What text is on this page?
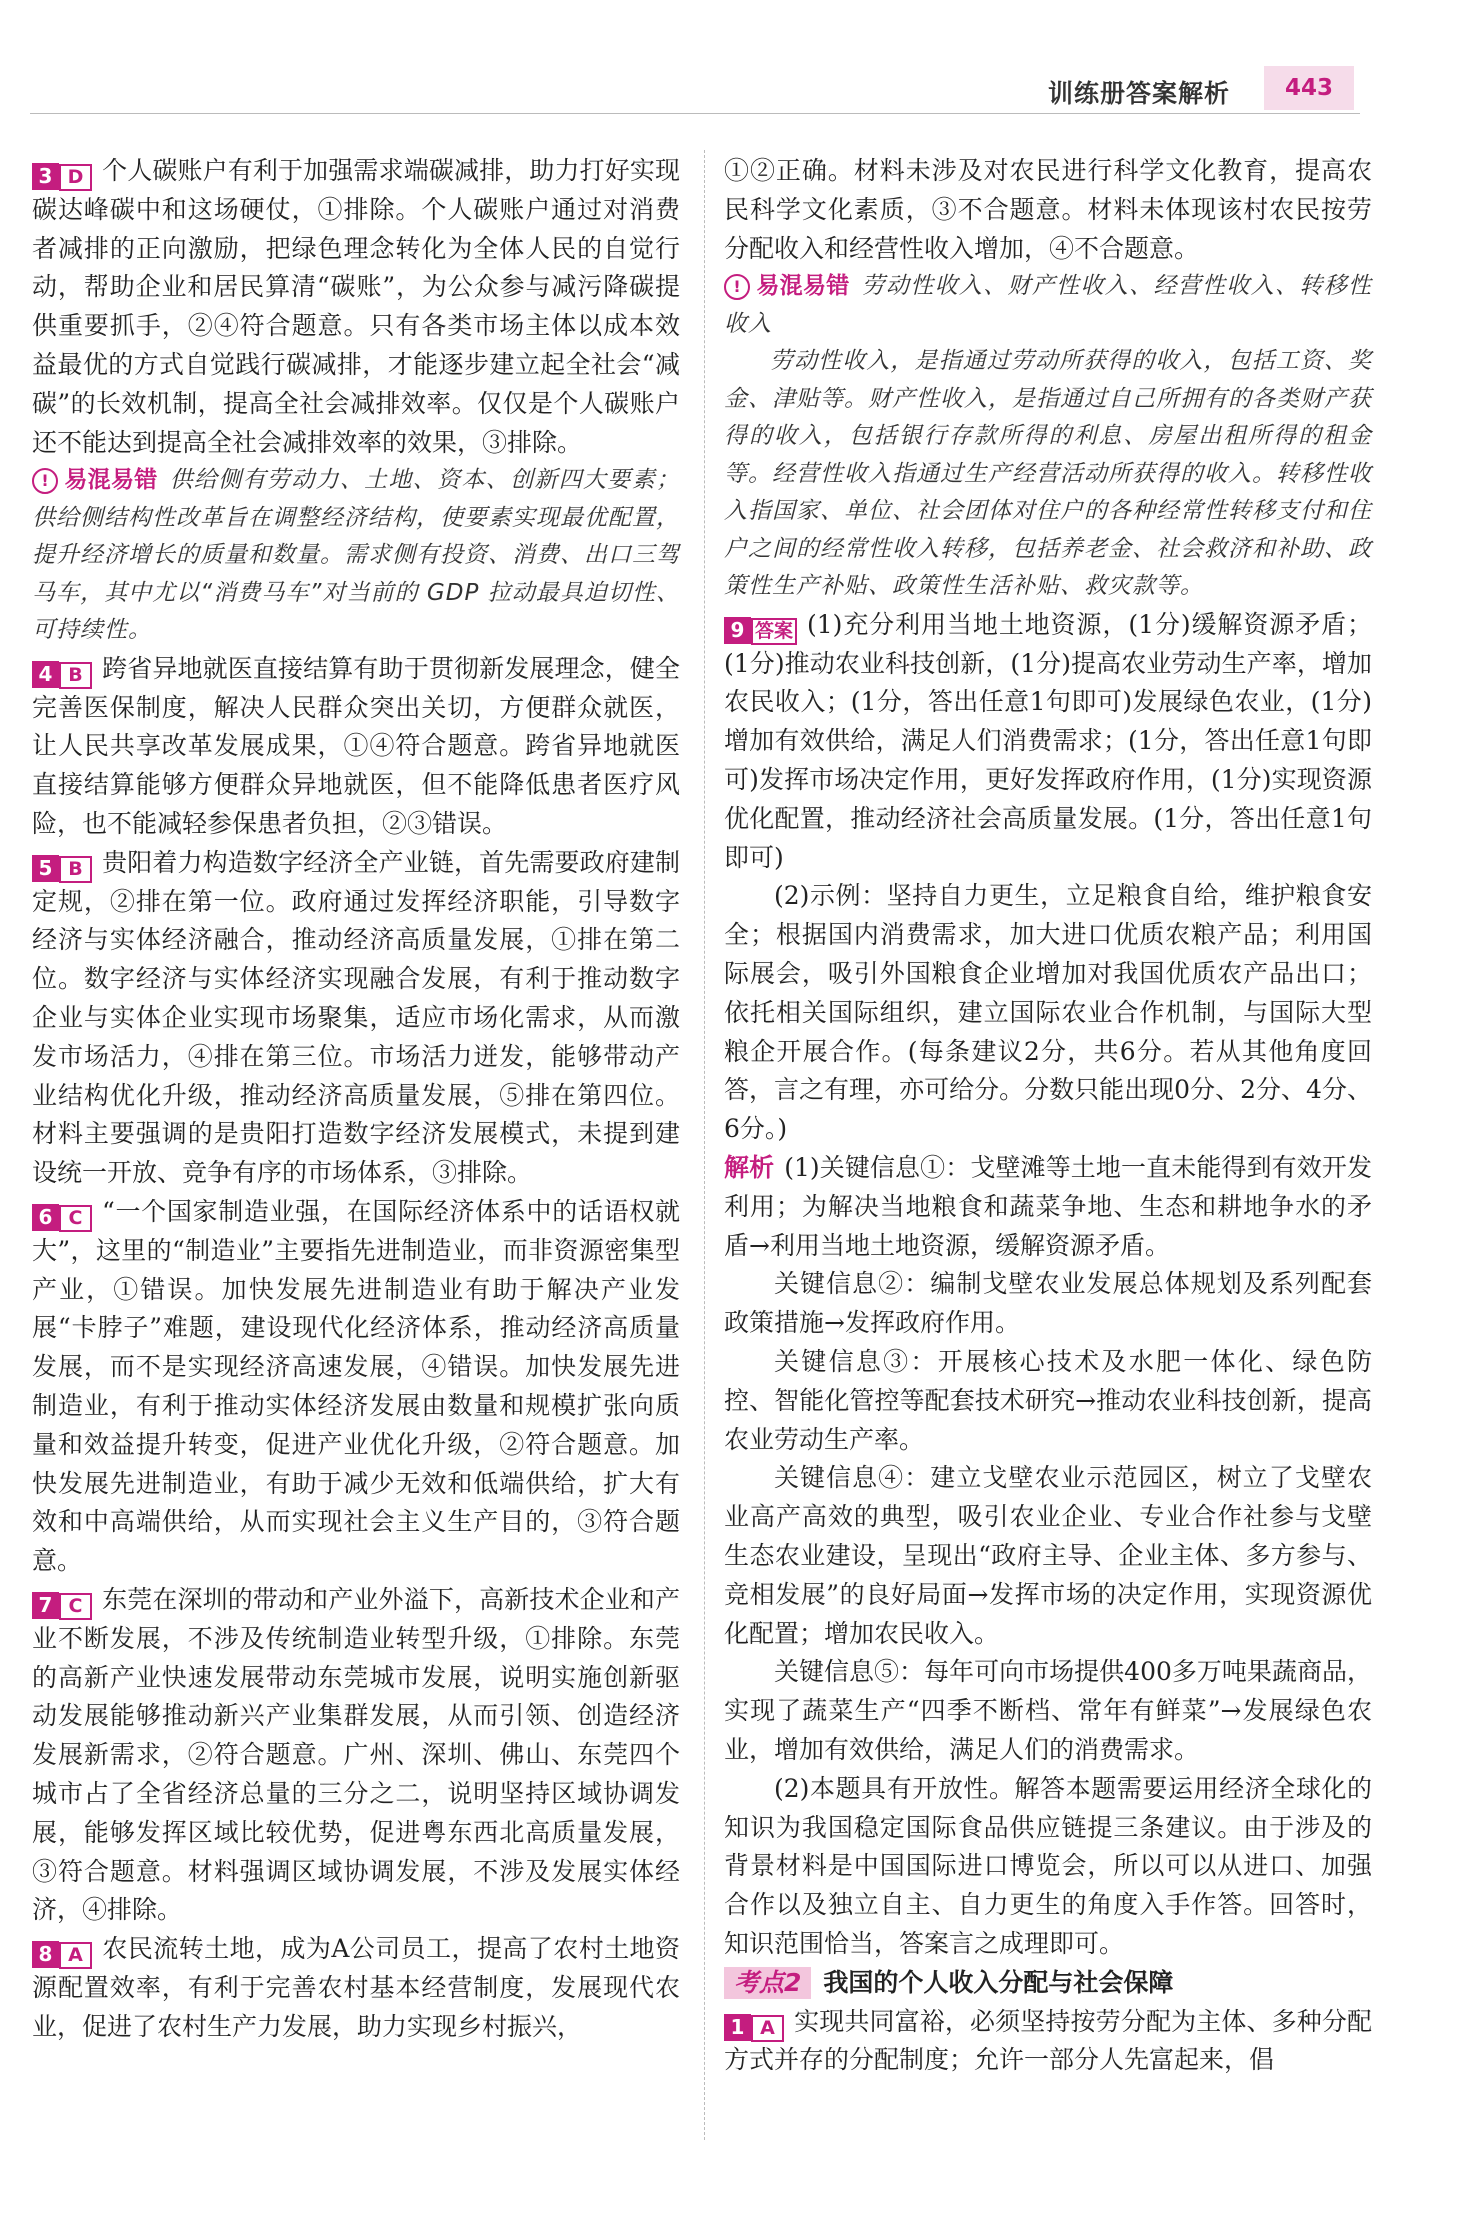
训练册答案解析	443

3 D 个人碳账户有利于加强需求端碳减排，助力打好实现碳达峰碳中和这场硬仗，①排除。个人碳账户通过对消费者减排的正向激励，把绿色理念转化为全体人民的自觉行动，帮助企业和居民算清“碳账”，为公众参与减污降碳提供重要抓手，②④符合题意。只有各类市场主体以成本效益最优的方式自觉践行碳减排，才能逐步建立起全社会“减碳”的长效机制，提高全社会减排效率。仅仅是个人碳账户还不能达到提高全社会减排效率的效果，③排除。

! 易混易错 供给侧有劳动力、土地、资本、创新四大要素；供给侧结构性改革旨在调整经济结构，使要素实现最优配置，提升经济增长的质量和数量。需求侧有投资、消费、出口三驾马车，其中尤以“消费马车”对当前的 GDP 拉动最具迫切性、可持续性。

4 B 跨省异地就医直接结算有助于贯彻新发展理念，健全完善医保制度，解决人民群众突出关切，方便群众就医，让人民共享改革发展成果，①④符合题意。跨省异地就医直接结算能够方便群众异地就医，但不能降低患者医疗风险，也不能减轻参保患者负担，②③错误。

5 B 贵阳着力构造数字经济全产业链，首先需要政府建制定规，②排在第一位。政府通过发挥经济职能，引导数字经济与实体经济融合，推动经济高质量发展，①排在第二位。数字经济与实体经济实现融合发展，有利于推动数字企业与实体企业实现市场聚集，适应市场化需求，从而激发市场活力，④排在第三位。市场活力迸发，能够带动产业结构优化升级，推动经济高质量发展，⑤排在第四位。材料主要强调的是贵阳打造数字经济发展模式，未提到建设统一开放、竞争有序的市场体系，③排除。

6 C “一个国家制造业强，在国际经济体系中的话语权就大”，这里的“制造业”主要指先进制造业，而非资源密集型产业，①错误。加快发展先进制造业有助于解决产业发展“卡脖子”难题，建设现代化经济体系，推动经济高质量发展，而不是实现经济高速发展，④错误。加快发展先进制造业，有利于推动实体经济发展由数量和规模扩张向质量和效益提升转变，促进产业优化升级，②符合题意。加快发展先进制造业，有助于减少无效和低端供给，扩大有效和中高端供给，从而实现社会主义生产目的，③符合题意。

7 C 东莞在深圳的带动和产业外溢下，高新技术企业和产业不断发展，不涉及传统制造业转型升级，①排除。东莞的高新产业快速发展带动东莞城市发展，说明实施创新驱动发展能够推动新兴产业集群发展，从而引领、创造经济发展新需求，②符合题意。广州、深圳、佛山、东莞四个城市占了全省经济总量的三分之二，说明坚持区域协调发展，能够发挥区域比较优势，促进粤东西北高质量发展，③符合题意。材料强调区域协调发展，不涉及发展实体经济，④排除。

8 A 农民流转土地，成为A公司员工，提高了农村土地资源配置效率，有利于完善农村基本经营制度，发展现代农业，促进了农村生产力发展，助力实现乡村振兴，

①②正确。材料未涉及对农民进行科学文化教育，提高农民科学文化素质，③不合题意。材料未体现该村农民按劳分配收入和经营性收入增加，④不合题意。

! 易混易错 劳动性收入、财产性收入、经营性收入、转移性收入

劳动性收入，是指通过劳动所获得的收入，包括工资、奖金、津贴等。财产性收入，是指通过自己所拥有的各类财产获得的收入，包括银行存款所得的利息、房屋出租所得的租金等。经营性收入指通过生产经营活动所获得的收入。转移性收入指国家、单位、社会团体对住户的各种经常性转移支付和住户之间的经常性收入转移，包括养老金、社会救济和补助、政策性生产补贴、政策性生活补贴、救灾款等。

9 答案 (1)充分利用当地土地资源，(1分)缓解资源矛盾；(1分)推动农业科技创新，(1分)提高农业劳动生产率，增加农民收入；(1分，答出任意1句即可)发展绿色农业，(1分)增加有效供给，满足人们消费需求；(1分，答出任意1句即可)发挥市场决定作用，更好发挥政府作用，(1分)实现资源优化配置，推动经济社会高质量发展。(1分，答出任意1句即可)

(2)示例：坚持自力更生，立足粮食自给，维护粮食安全；根据国内消费需求，加大进口优质农粮产品；利用国际展会，吸引外国粮食企业增加对我国优质农产品出口；依托相关国际组织，建立国际农业合作机制，与国际大型粮企开展合作。(每条建议2分，共6分。若从其他角度回答，言之有理，亦可给分。分数只能出现0分、2分、4分、6分。)

解析 (1)关键信息①：戈壁滩等土地一直未能得到有效开发利用；为解决当地粮食和蔬菜争地、生态和耕地争水的矛盾→利用当地土地资源，缓解资源矛盾。

关键信息②：编制戈壁农业发展总体规划及系列配套政策措施→发挥政府作用。

关键信息③：开展核心技术及水肥一体化、绿色防控、智能化管控等配套技术研究→推动农业科技创新，提高农业劳动生产率。

关键信息④：建立戈壁农业示范园区，树立了戈壁农业高产高效的典型，吸引农业企业、专业合作社参与戈壁生态农业建设，呈现出“政府主导、企业主体、多方参与、竞相发展”的良好局面→发挥市场的决定作用，实现资源优化配置；增加农民收入。

关键信息⑤：每年可向市场提供400多万吨果蔬商品，实现了蔬菜生产“四季不断档、常年有鲜菜”→发展绿色农业，增加有效供给，满足人们的消费需求。

(2)本题具有开放性。解答本题需要运用经济全球化的知识为我国稳定国际食品供应链提三条建议。由于涉及的背景材料是中国国际进口博览会，所以可以从进口、加强合作以及独立自主、自力更生的角度入手作答。回答时，知识范围恰当，答案言之成理即可。

考点2 我国的个人收入分配与社会保障

1 A 实现共同富裕，必须坚持按劳分配为主体、多种分配方式并存的分配制度；允许一部分人先富起来，倡
